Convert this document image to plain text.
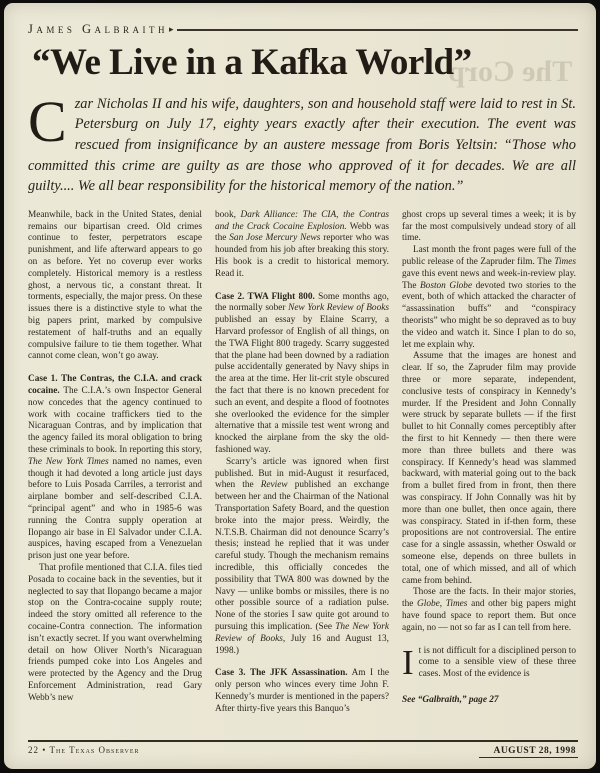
James Galbraith ▸
The Corp
“We Live in a Kafka World”
Czar Nicholas II and his wife, daughters, son and household staff were laid to rest in St. Petersburg on July 17, eighty years exactly after their execution. The event was rescued from insignificance by an austere message from Boris Yeltsin: “Those who committed this crime are guilty as are those who approved of it for decades. We are all guilty.... We all bear responsibility for the historical memory of the nation.”

Meanwhile, back in the United States, denial remains our bipartisan creed. Old crimes continue to fester, perpetrators escape punishment, and life afterward appears to go on as before. Yet no coverup ever works completely. Historical memory is a restless ghost, a nervous tic, a constant threat. It torments, especially, the major press. On these issues there is a distinctive style to what the big papers print, marked by compulsive restatement of half-truths and an equally compulsive failure to tie them together. What cannot come clean, won’t go away.

Case 1. The Contras, the C.I.A. and crack cocaine. The C.I.A.’s own Inspector General now concedes that the agency continued to work with cocaine traffickers tied to the Nicaraguan Contras, and by implication that the agency failed its moral obligation to bring these criminals to book. In reporting this story, The New York Times named no names, even though it had devoted a long article just days before to Luis Posada Carriles, a terrorist and airplane bomber and self-described C.I.A. “principal agent” and who in 1985-6 was running the Contra supply operation at Ilopango air base in El Salvador under C.I.A. auspices, having escaped from a Venezuelan prison just one year before.

That profile mentioned that C.I.A. files tied Posada to cocaine back in the seventies, but it neglected to say that Ilopango became a major stop on the Contra-cocaine supply route; indeed the story omitted all reference to the cocaine-Contra connection. The information isn’t exactly secret. If you want overwhelming detail on how Oliver North’s Nicaraguan friends pumped coke into Los Angeles and were protected by the Agency and the Drug Enforcement Administration, read Gary Webb’s new

book, Dark Alliance: The CIA, the Contras and the Crack Cocaine Explosion. Webb was the San Jose Mercury News reporter who was hounded from his job after breaking this story. His book is a credit to historical memory. Read it.

Case 2. TWA Flight 800. Some months ago, the normally sober New York Review of Books published an essay by Elaine Scarry, a Harvard professor of English of all things, on the TWA Flight 800 tragedy. Scarry suggested that the plane had been downed by a radiation pulse accidentally generated by Navy ships in the area at the time. Her lit-crit style obscured the fact that there is no known precedent for such an event, and despite a flood of footnotes she overlooked the evidence for the simpler alternative that a missile test went wrong and knocked the airplane from the sky the old-fashioned way.

Scarry’s article was ignored when first published. But in mid-August it resurfaced, when the Review published an exchange between her and the Chairman of the National Transportation Safety Board, and the question broke into the major press. Weirdly, the N.T.S.B. Chairman did not denounce Scarry’s thesis; instead he replied that it was under careful study. Though the mechanism remains incredible, this officially concedes the possibility that TWA 800 was downed by the Navy — unlike bombs or missiles, there is no other possible source of a radiation pulse. None of the stories I saw quite got around to pursuing this implication. (See The New York Review of Books, July 16 and August 13, 1998.)

Case 3. The JFK Assassination. Am I the only person who winces every time John F. Kennedy’s murder is mentioned in the papers? After thirty-five years this Banquo’s

ghost crops up several times a week; it is by far the most compulsively undead story of all time.

Last month the front pages were full of the public release of the Zapruder film. The Times gave this event news and week-in-review play. The Boston Globe devoted two stories to the event, both of which attacked the character of “assassination buffs” and “conspiracy theorists” who might be so depraved as to buy the video and watch it. Since I plan to do so, let me explain why.

Assume that the images are honest and clear. If so, the Zapruder film may provide three or more separate, independent, conclusive tests of conspiracy in Kennedy’s murder. If the President and John Connally were struck by separate bullets — if the first bullet to hit Connally comes perceptibly after the first to hit Kennedy — then there were more than three bullets and there was conspiracy. If Kennedy’s head was slammed backward, with material going out to the back from a bullet fired from in front, then there was conspiracy. If John Connally was hit by more than one bullet, then once again, there was conspiracy. Stated in if-then form, these propositions are not controversial. The entire case for a single assassin, whether Oswald or someone else, depends on three bullets in total, one of which missed, and all of which came from behind.

Those are the facts. In their major stories, the Globe, Times and other big papers might have found space to report them. But once again, no — not so far as I can tell from here.

It is not difficult for a disciplined person to come to a sensible view of these three cases. Most of the evidence is

See “Galbraith,” page 27

22 • The Texas Observer	AUGUST 28, 1998
